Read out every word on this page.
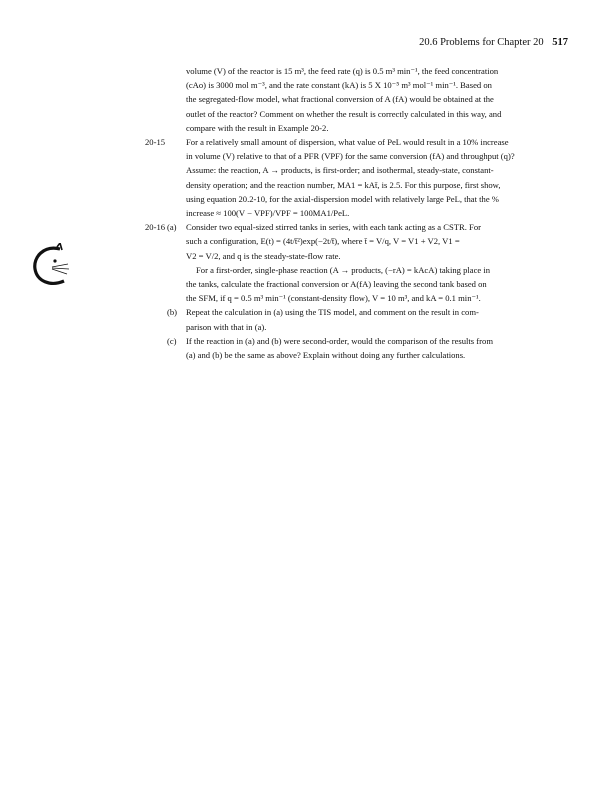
20.6 Problems for Chapter 20 517
volume (V) of the reactor is 15 m³, the feed rate (q) is 0.5 m³ min⁻¹, the feed concentration
(cAo) is 3000 mol m⁻³, and the rate constant (kA) is 5 X 10⁻⁵ m³ mol⁻¹ min⁻¹. Based on
the segregated-flow model, what fractional conversion of A (fA) would be obtained at the
outlet of the reactor? Comment on whether the result is correctly calculated in this way, and
compare with the result in Example 20-2.
20-15 For a relatively small amount of dispersion, what value of PeL would result in a 10% increase
in volume (V) relative to that of a PFR (VPF) for the same conversion (fA) and throughput (q)?
Assume: the reaction, A → products, is first-order; and isothermal, steady-state, constant-
density operation; and the reaction number, MA1 = kAt̄, is 2.5. For this purpose, first show,
using equation 20.2-10, for the axial-dispersion model with relatively large PeL, that the %
increase ≈ 100(V − VPF)/VPF = 100MA1/PeL.
20-16 (a) Consider two equal-sized stirred tanks in series, with each tank acting as a CSTR. For
such a configuration, E(t) = (4t/t̄²)exp(−2t/t̄), where t̄ = V/q, V = V1 + V2, V1 =
V2 = V/2, and q is the steady-state-flow rate.
For a first-order, single-phase reaction (A → products, (−rA) = kAcA) taking place in
the tanks, calculate the fractional conversion or A(fA) leaving the second tank based on
the SFM, if q = 0.5 m³ min⁻¹ (constant-density flow), V = 10 m³, and kA = 0.1 min⁻¹.
(b) Repeat the calculation in (a) using the TIS model, and comment on the result in com-
parison with that in (a).
(c) If the reaction in (a) and (b) were second-order, would the comparison of the results from
(a) and (b) be the same as above? Explain without doing any further calculations.
